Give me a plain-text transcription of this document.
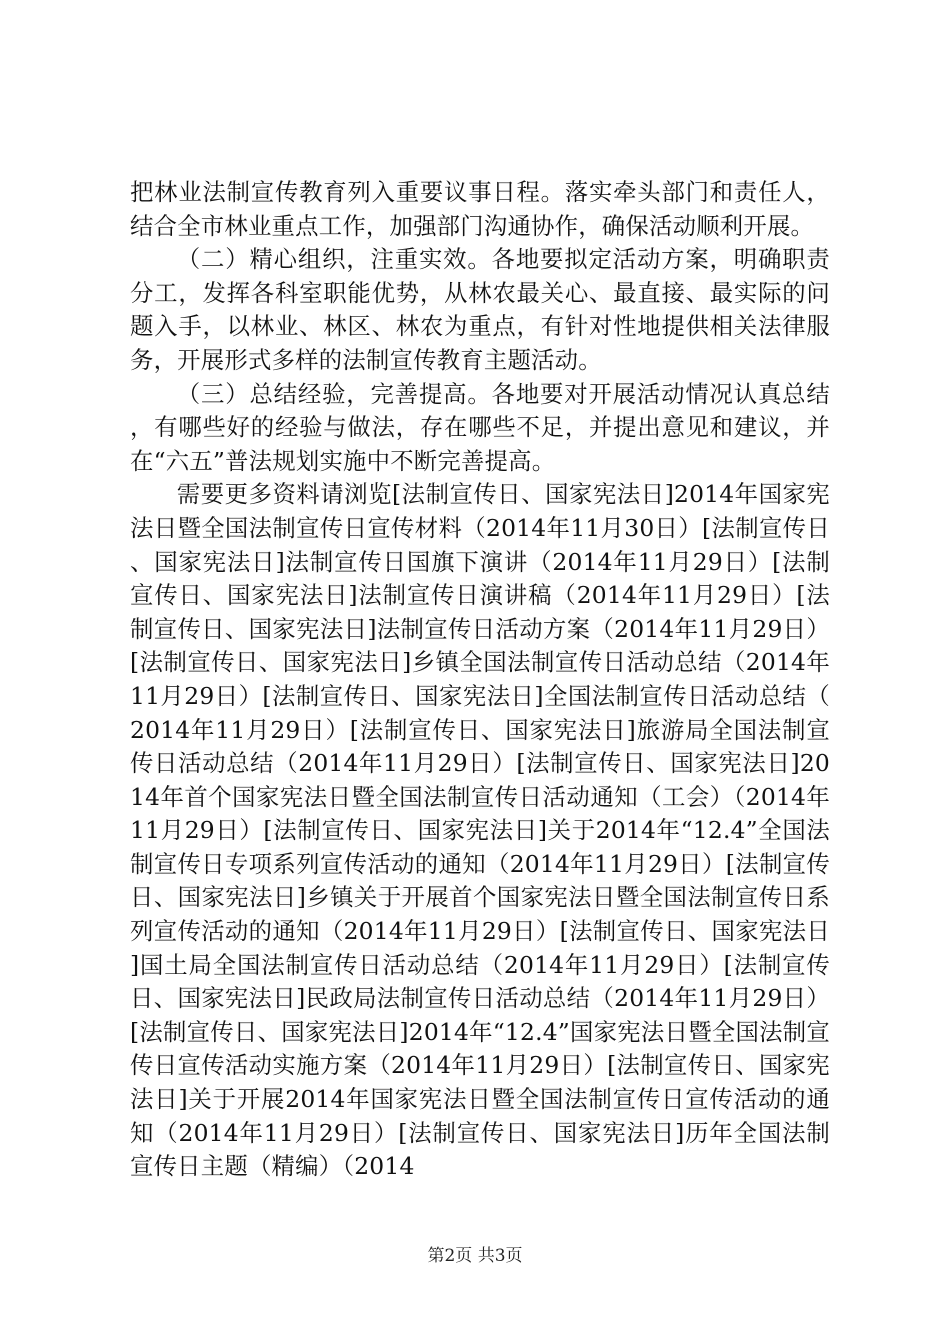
把林业法制宣传教育列入重要议事日程。落实牵头部门和责任人，结合全市林业重点工作，加强部门沟通协作，确保活动顺利开展。

（二）精心组织，注重实效。各地要拟定活动方案，明确职责分工，发挥各科室职能优势，从林农最关心、最直接、最实际的问题入手，以林业、林区、林农为重点，有针对性地提供相关法律服务，开展形式多样的法制宣传教育主题活动。

（三）总结经验，完善提高。各地要对开展活动情况认真总结，有哪些好的经验与做法，存在哪些不足，并提出意见和建议，并在“六五”普法规划实施中不断完善提高。

需要更多资料请浏览[法制宣传日、国家宪法日]2014年国家宪法日暨全国法制宣传日宣传材料（2014年11月30日）[法制宣传日、国家宪法日]法制宣传日国旗下演讲（2014年11月29日）[法制宣传日、国家宪法日]法制宣传日演讲稿（2014年11月29日）[法制宣传日、国家宪法日]法制宣传日活动方案（2014年11月29日）[法制宣传日、国家宪法日]乡镇全国法制宣传日活动总结（2014年11月29日）[法制宣传日、国家宪法日]全国法制宣传日活动总结（2014年11月29日）[法制宣传日、国家宪法日]旅游局全国法制宣传日活动总结（2014年11月29日）[法制宣传日、国家宪法日]2014年首个国家宪法日暨全国法制宣传日活动通知（工会）（2014年11月29日）[法制宣传日、国家宪法日]关于2014年“12.4”全国法制宣传日专项系列宣传活动的通知（2014年11月29日）[法制宣传日、国家宪法日]乡镇关于开展首个国家宪法日暨全国法制宣传日系列宣传活动的通知（2014年11月29日）[法制宣传日、国家宪法日]国土局全国法制宣传日活动总结（2014年11月29日）[法制宣传日、国家宪法日]民政局法制宣传日活动总结（2014年11月29日）[法制宣传日、国家宪法日]2014年“12.4”国家宪法日暨全国法制宣传日宣传活动实施方案（2014年11月29日）[法制宣传日、国家宪法日]关于开展2014年国家宪法日暨全国法制宣传日宣传活动的通知（2014年11月29日）[法制宣传日、国家宪法日]历年全国法制宣传日主题（精编）（2014

第2页 共3页
